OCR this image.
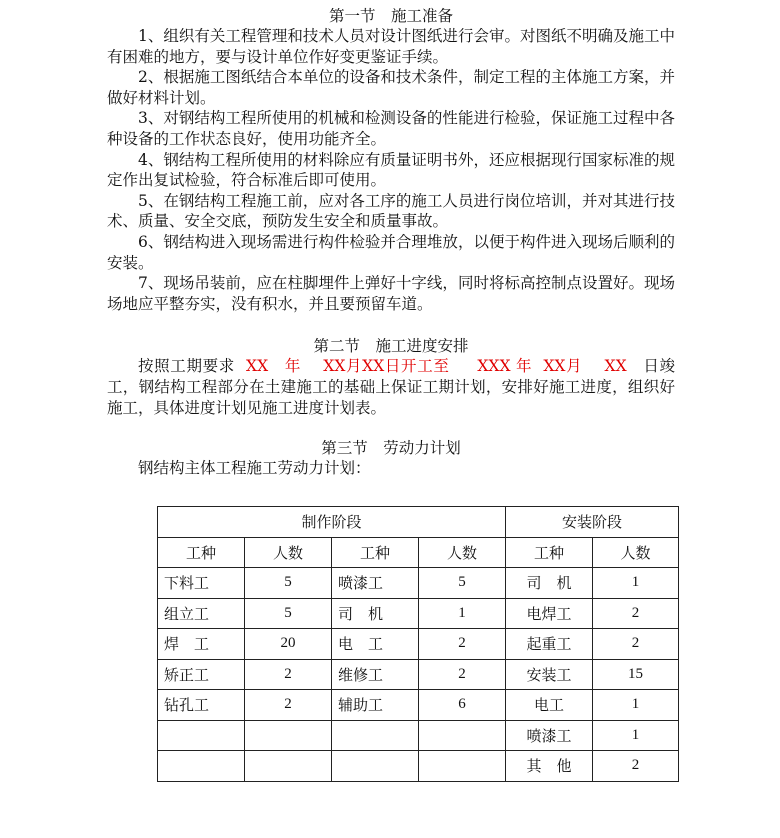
第一节　施工准备

1、组织有关工程管理和技术人员对设计图纸进行会审。对图纸不明确及施工中有困难的地方，要与设计单位作好变更鉴证手续。

2、根据施工图纸结合本单位的设备和技术条件，制定工程的主体施工方案，并做好材料计划。

3、对钢结构工程所使用的机械和检测设备的性能进行检验，保证施工过程中各种设备的工作状态良好，使用功能齐全。

4、钢结构工程所使用的材料除应有质量证明书外，还应根据现行国家标准的规定作出复试检验，符合标准后即可使用。

5、在钢结构工程施工前，应对各工序的施工人员进行岗位培训，并对其进行技术、质量、安全交底，预防发生安全和质量事故。

6、钢结构进入现场需进行构件检验并合理堆放，以便于构件进入现场后顺利的安装。

7、现场吊装前，应在柱脚埋件上弹好十字线，同时将标高控制点设置好。现场场地应平整夯实，没有积水，并且要预留车道。

第二节　施工进度安排

按照工期要求  XX   年    XX月XX日开工至     XXX 年  XX月    XX   日竣工，钢结构工程部分在土建施工的基础上保证工期计划，安排好施工进度，组织好施工，具体进度计划见施工进度计划表。

第三节　劳动力计划

钢结构主体工程施工劳动力计划：

制作阶段				安装阶段	
工种	人数	工种	人数	工种	人数
下料工	5	喷漆工	5	司　机	1
组立工	5	司　机	1	电焊工	2
焊　工	20	电　工	2	起重工	2
矫正工	2	维修工	2	安装工	15
钻孔工	2	辅助工	6	电工	1
				喷漆工	1
				其　他	2
